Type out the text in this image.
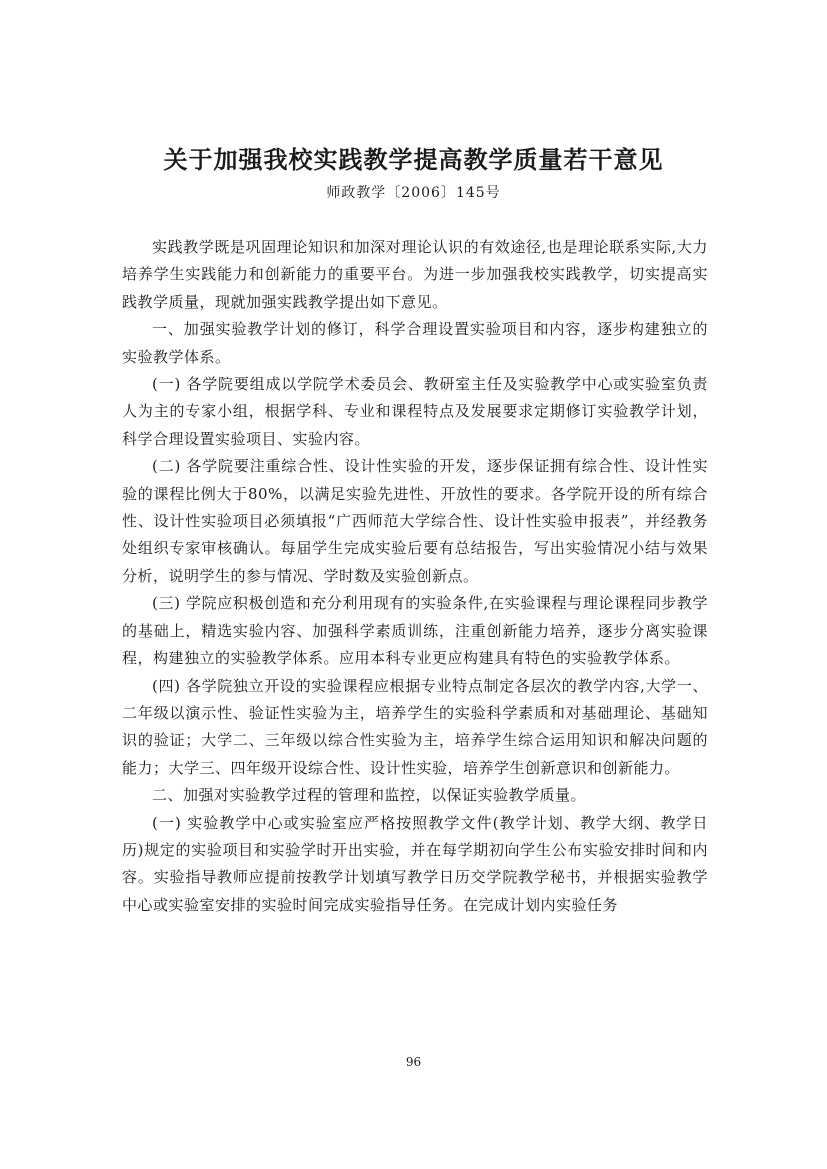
关于加强我校实践教学提高教学质量若干意见
师政教学〔2006〕145号

实践教学既是巩固理论知识和加深对理论认识的有效途径,也是理论联系实际,大力培养学生实践能力和创新能力的重要平台。为进一步加强我校实践教学，切实提高实践教学质量，现就加强实践教学提出如下意见。

一、加强实验教学计划的修订，科学合理设置实验项目和内容，逐步构建独立的实验教学体系。

(一) 各学院要组成以学院学术委员会、教研室主任及实验教学中心或实验室负责人为主的专家小组，根据学科、专业和课程特点及发展要求定期修订实验教学计划，科学合理设置实验项目、实验内容。

(二) 各学院要注重综合性、设计性实验的开发，逐步保证拥有综合性、设计性实验的课程比例大于80%，以满足实验先进性、开放性的要求。各学院开设的所有综合性、设计性实验项目必须填报“广西师范大学综合性、设计性实验申报表”，并经教务处组织专家审核确认。每届学生完成实验后要有总结报告，写出实验情况小结与效果分析，说明学生的参与情况、学时数及实验创新点。

(三) 学院应积极创造和充分利用现有的实验条件,在实验课程与理论课程同步教学的基础上，精选实验内容、加强科学素质训练，注重创新能力培养，逐步分离实验课程，构建独立的实验教学体系。应用本科专业更应构建具有特色的实验教学体系。

(四) 各学院独立开设的实验课程应根据专业特点制定各层次的教学内容,大学一、二年级以演示性、验证性实验为主，培养学生的实验科学素质和对基础理论、基础知识的验证；大学二、三年级以综合性实验为主，培养学生综合运用知识和解决问题的能力；大学三、四年级开设综合性、设计性实验，培养学生创新意识和创新能力。

二、加强对实验教学过程的管理和监控，以保证实验教学质量。

(一) 实验教学中心或实验室应严格按照教学文件(教学计划、教学大纲、教学日历)规定的实验项目和实验学时开出实验，并在每学期初向学生公布实验安排时间和内容。实验指导教师应提前按教学计划填写教学日历交学院教学秘书，并根据实验教学中心或实验室安排的实验时间完成实验指导任务。在完成计划内实验任务

96
